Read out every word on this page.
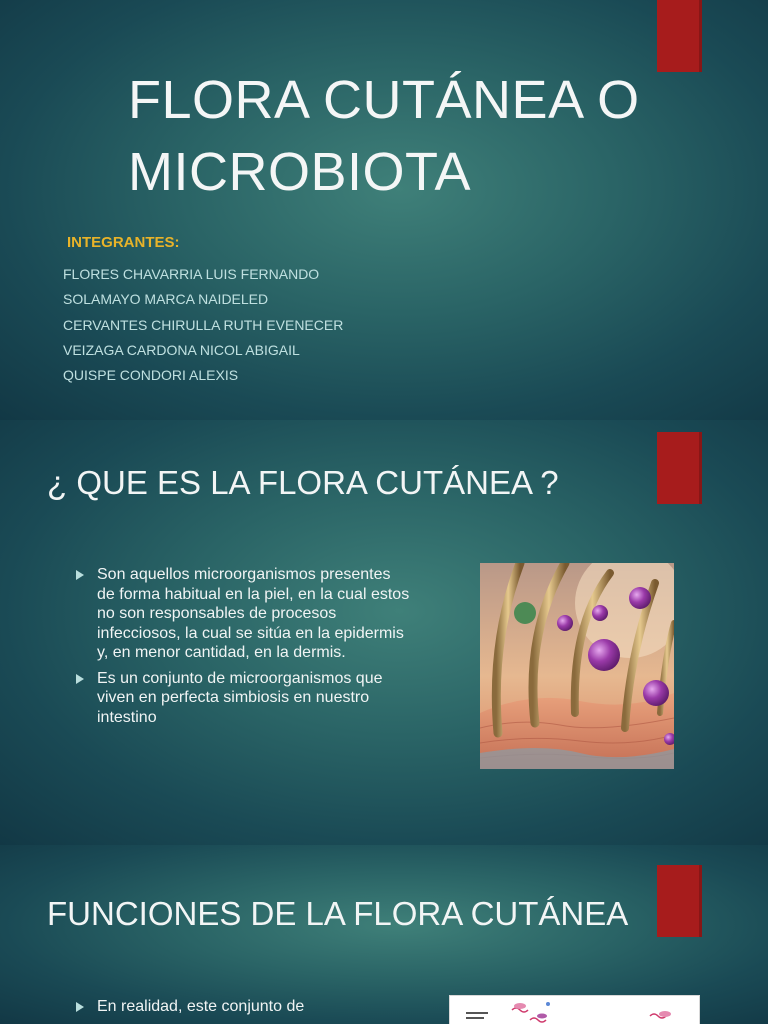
FLORA CUTÁNEA O MICROBIOTA
INTEGRANTES:
FLORES CHAVARRIA LUIS FERNANDO
SOLAMAYO MARCA NAIDELED
CERVANTES CHIRULLA RUTH EVENECER
VEIZAGA CARDONA NICOL ABIGAIL
QUISPE CONDORI ALEXIS
¿ QUE ES LA FLORA CUTÁNEA ?
Son aquellos microorganismos presentes de forma habitual en la piel, en la cual estos no son responsables de procesos infecciosos, la cual se sitúa en la epidermis y, en menor cantidad, en la dermis.
Es un conjunto de microorganismos que viven en perfecta simbiosis en nuestro intestino
FUNCIONES DE LA FLORA CUTÁNEA
En realidad, este conjunto de
